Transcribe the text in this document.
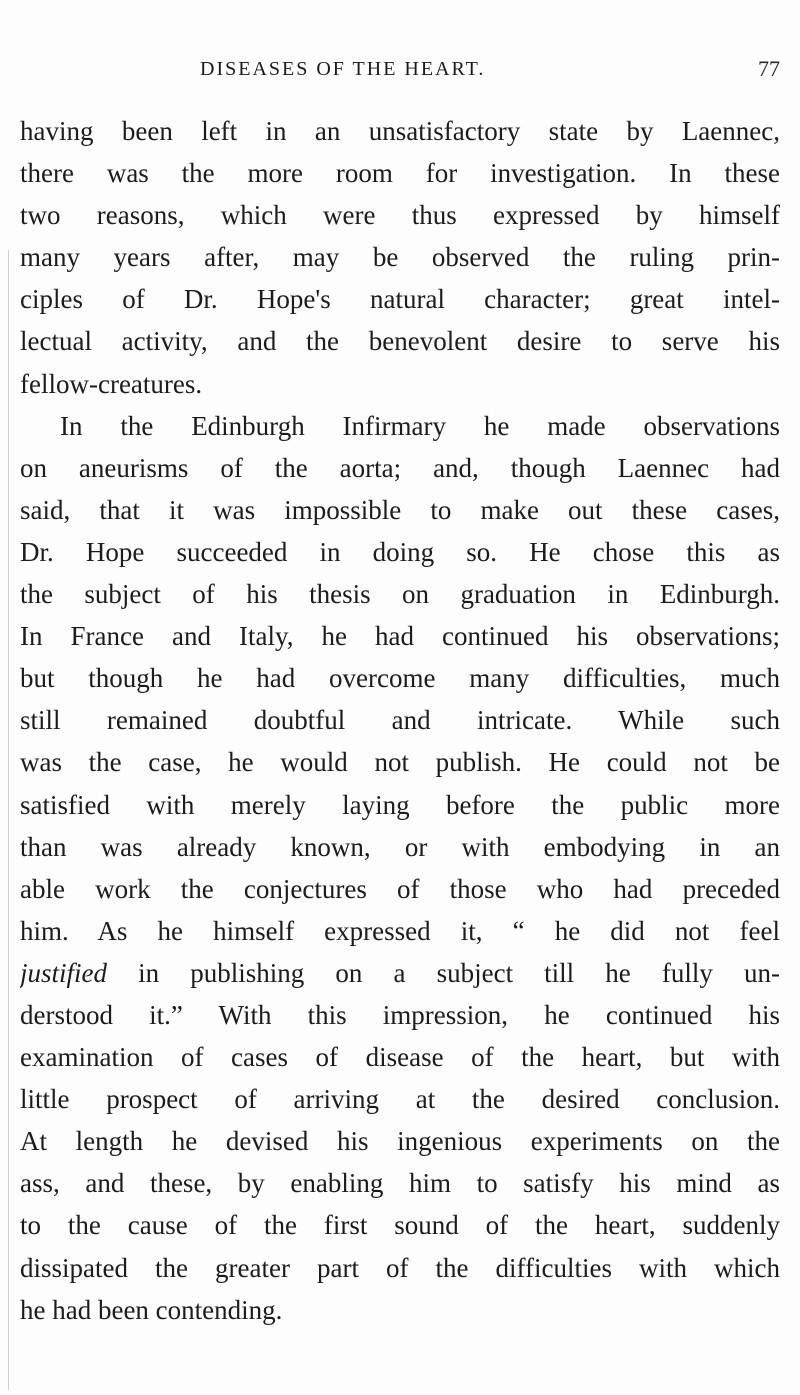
DISEASES OF THE HEART.	77
having been left in an unsatisfactory state by Laennec,
there was the more room for investigation. In these
two reasons, which were thus expressed by himself
many years after, may be observed the ruling prin-
ciples of Dr. Hope's natural character; great intel-
lectual activity, and the benevolent desire to serve his
fellow-creatures.
In the Edinburgh Infirmary he made observations
on aneurisms of the aorta; and, though Laennec had
said, that it was impossible to make out these cases,
Dr. Hope succeeded in doing so. He chose this as
the subject of his thesis on graduation in Edinburgh.
In France and Italy, he had continued his observations;
but though he had overcome many difficulties, much
still remained doubtful and intricate. While such
was the case, he would not publish. He could not be
satisfied with merely laying before the public more
than was already known, or with embodying in an
able work the conjectures of those who had preceded
him. As he himself expressed it, “ he did not feel
justified in publishing on a subject till he fully un-
derstood it.” With this impression, he continued his
examination of cases of disease of the heart, but with
little prospect of arriving at the desired conclusion.
At length he devised his ingenious experiments on the
ass, and these, by enabling him to satisfy his mind as
to the cause of the first sound of the heart, suddenly
dissipated the greater part of the difficulties with which
he had been contending.
